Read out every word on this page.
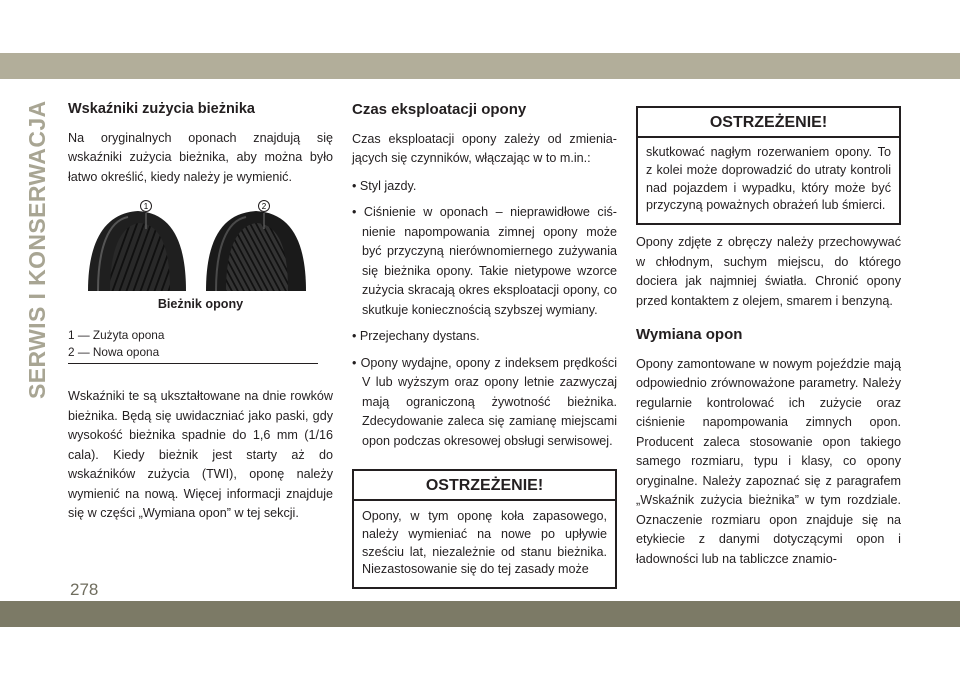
SERWIS I KONSERWACJA Wskaźniki zużycia bieżnika

Na oryginalnych oponach znajdują się wskaźniki zużycia bieżnika, aby można było łatwo określić, kiedy należy je wymienić.

1	2
Bieżnik opony
1 — Zużyta opona
2 — Nowa opona

Wskaźniki te są ukształtowane na dnie rowków bieżnika. Będą się uwidaczniać jako paski, gdy wysokość bieżnika spadnie do 1,6 mm (1/16 cala). Kiedy bieżnik jest starty aż do wskaźników zużycia (TWI), oponę należy wymienić na nową. Więcej informacji znajduje się w części „Wymiana opon” w tej sekcji.

Czas eksploatacji opony

Czas eksploatacji opony zależy od zmieniających się czynników, włączając w to m.in.:

• Styl jazdy.
• Ciśnienie w oponach – nieprawidłowe ciśnienie napompowania zimnej opony może być przyczyną nierównomiernego zużywania się bieżnika opony. Takie nietypowe wzorce zużycia skracają okres eksploatacji opony, co skutkuje koniecznością szybszej wymiany.
• Przejechany dystans.
• Opony wydajne, opony z indeksem prędkości V lub wyższym oraz opony letnie zazwyczaj mają ograniczoną żywotność bieżnika. Zdecydowanie zaleca się zamianę miejscami opon podczas okresowej obsługi serwisowej.
OSTRZEŻENIE!
Opony, w tym oponę koła zapasowego, należy wymieniać na nowe po upływie sześciu lat, niezależnie od stanu bieżnika. Niezastosowanie się do tej zasady może
OSTRZEŻENIE!
skutkować nagłym rozerwaniem opony. To z kolei może doprowadzić do utraty kontroli nad pojazdem i wypadku, który może być przyczyną poważnych obrażeń lub śmierci.

Opony zdjęte z obręczy należy przechowywać w chłodnym, suchym miejscu, do którego dociera jak najmniej światła. Chronić opony przed kontaktem z olejem, smarem i benzyną.

Wymiana opon

Opony zamontowane w nowym pojeździe mają odpowiednio zrównoważone parametry. Należy regularnie kontrolować ich zużycie oraz ciśnienie napompowania zimnych opon. Producent zaleca stosowanie opon takiego samego rozmiaru, typu i klasy, co opony oryginalne. Należy zapoznać się z paragrafem „Wskaźnik zużycia bieżnika” w tym rozdziale. Oznaczenie rozmiaru opon znajduje się na etykiecie z danymi dotyczącymi opon i ładowności lub na tabliczce znamio-

278
